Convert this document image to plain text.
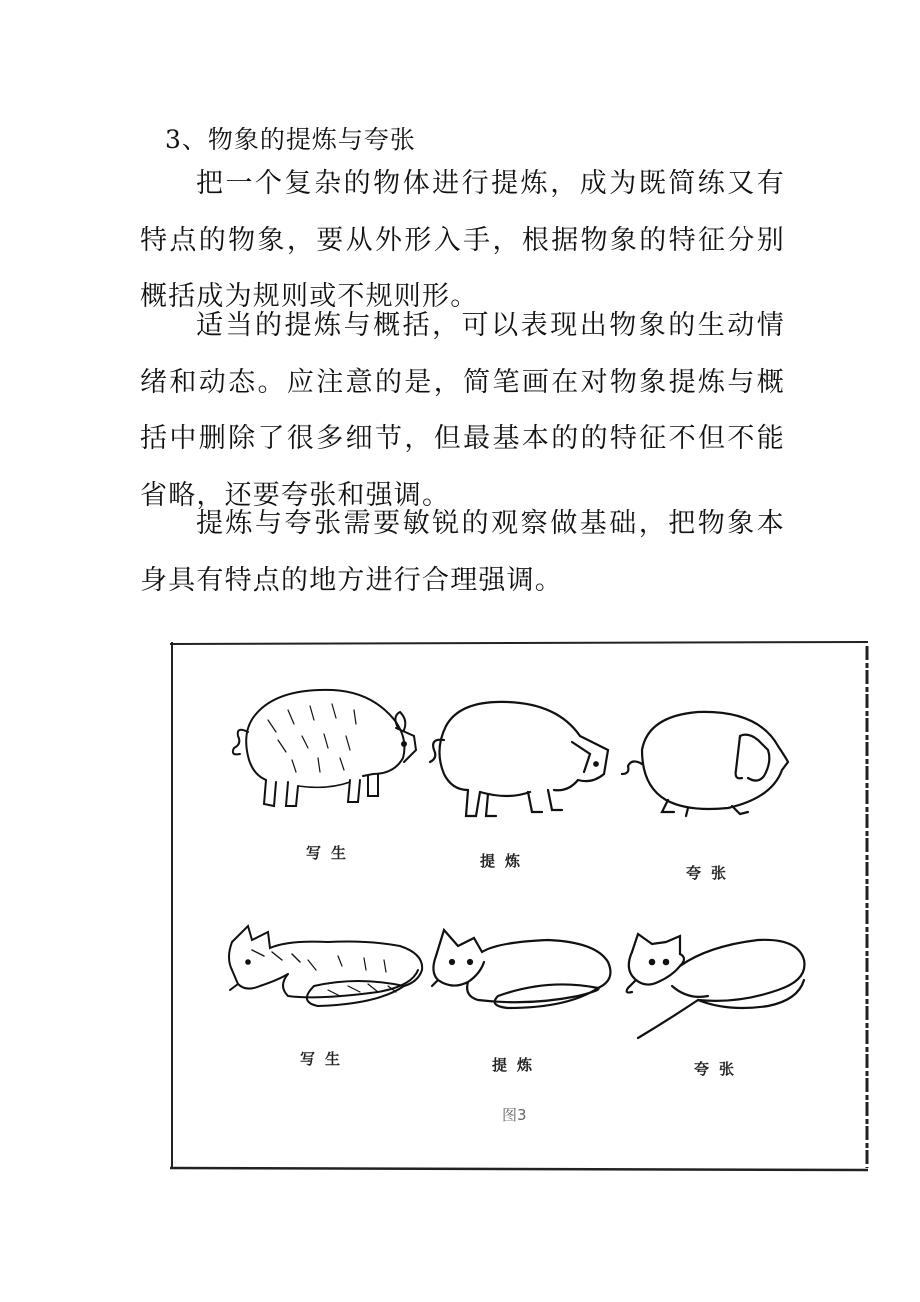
3、物象的提炼与夸张

把一个复杂的物体进行提炼，成为既简练又有特点的物象，要从外形入手，根据物象的特征分别概括成为规则或不规则形。

适当的提炼与概括，可以表现出物象的生动情绪和动态。应注意的是，简笔画在对物象提炼与概括中删除了很多细节，但最基本的的特征不但不能省略，还要夸张和强调。

提炼与夸张需要敏锐的观察做基础，把物象本身具有特点的地方进行合理强调。

写生	提炼
夸张
写生	提炼	夸张
图3
